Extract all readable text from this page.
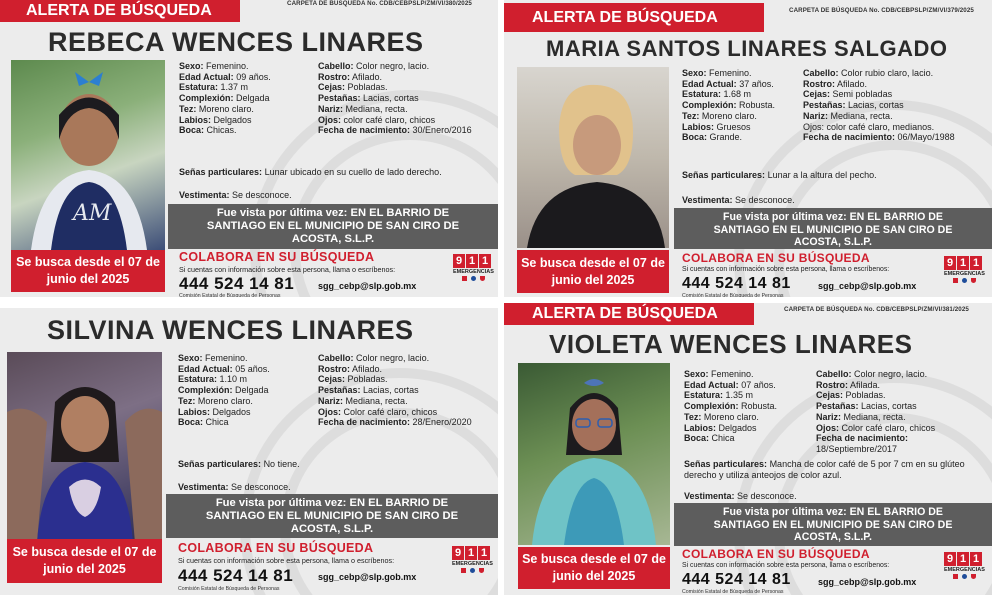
ALERTA DE BÚSQUEDA	CARPETA DE BÚSQUEDA No. CDB/CEBPSLP/ZM/VI/380/2025
REBECA WENCES LINARES
AM
Sexo: Femenino.
Edad Actual: 09 años.
Estatura: 1.37 m
Complexión: Delgada
Tez: Moreno claro.
Labios: Delgados
Boca: Chicas.
Cabello: Color negro, lacio.
Rostro: Afilado.
Cejas: Pobladas.
Pestañas: Lacias, cortas
Nariz: Mediana, recta.
Ojos: color café claro, chicos
Fecha de nacimiento: 30/Enero/2016
Señas particulares: Lunar ubicado en su cuello de lado derecho.
Vestimenta: Se desconoce.
Fue vista por última vez: EN EL BARRIO DE SANTIAGO EN EL MUNICIPIO DE SAN CIRO DE ACOSTA, S.L.P.
Se busca desde el 07 de junio del 2025
COLABORA EN SU BÚSQUEDA
Si cuentas con información sobre esta persona, llama o escríbenos:
444 524 14 81	sgg_cebp@slp.gob.mx
Comisión Estatal de Búsqueda de Personas
9 1 1
EMERGENCIAS
ALERTA DE BÚSQUEDA	CARPETA DE BÚSQUEDA No. CDB/CEBPSLP/ZM/VI/379/2025
MARIA SANTOS LINARES SALGADO
Sexo: Femenino.
Edad Actual: 37 años.
Estatura: 1.68 m
Complexión: Robusta.
Tez: Moreno claro.
Labios: Gruesos
Boca: Grande.
Cabello: Color rubio claro, lacio.
Rostro: Afilado.
Cejas: Semi pobladas
Pestañas: Lacias, cortas
Nariz: Mediana, recta.
Ojos: color café claro, medianos.
Fecha de nacimiento: 06/Mayo/1988
Señas particulares: Lunar a la altura del pecho.
Vestimenta: Se desconoce.
Fue vista por última vez: EN EL BARRIO DE SANTIAGO EN EL MUNICIPIO DE SAN CIRO DE ACOSTA, S.L.P.
Se busca desde el 07 de junio del 2025
COLABORA EN SU BÚSQUEDA
Si cuentas con información sobre esta persona, llama o escríbenos:
444 524 14 81	sgg_cebp@slp.gob.mx
Comisión Estatal de Búsqueda de Personas
9 1 1
EMERGENCIAS
SILVINA WENCES LINARES
Sexo: Femenino.
Edad Actual: 05 años.
Estatura: 1.10 m
Complexión: Delgada
Tez: Moreno claro.
Labios: Delgados
Boca: Chica
Cabello: Color negro, lacio.
Rostro: Afilado.
Cejas: Pobladas.
Pestañas: Lacias, cortas
Nariz: Mediana, recta.
Ojos: Color café claro, chicos
Fecha de nacimiento: 28/Enero/2020
Señas particulares: No tiene.
Vestimenta: Se desconoce.
Fue vista por última vez: EN EL BARRIO DE SANTIAGO EN EL MUNICIPIO DE SAN CIRO DE ACOSTA, S.L.P.
Se busca desde el 07 de junio del 2025
COLABORA EN SU BÚSQUEDA
Si cuentas con información sobre esta persona, llama o escríbenos:
444 524 14 81	sgg_cebp@slp.gob.mx
Comisión Estatal de Búsqueda de Personas
9 1 1
EMERGENCIAS
ALERTA DE BÚSQUEDA	CARPETA DE BÚSQUEDA No. CDB/CEBPSLP/ZM/VI/381/2025
VIOLETA WENCES LINARES
Sexo: Femenino.
Edad Actual: 07 años.
Estatura: 1.35 m
Complexión: Robusta.
Tez: Moreno claro.
Labios: Delgados
Boca: Chica
Cabello: Color negro, lacio.
Rostro: Afilada.
Cejas: Pobladas.
Pestañas: Lacias, cortas
Nariz: Mediana, recta.
Ojos: Color café claro, chicos
Fecha de nacimiento:
18/Septiembre/2017
Señas particulares: Mancha de color café de 5 por 7 cm en su glúteo derecho y utiliza anteojos de color azul.
Vestimenta: Se desconoce.
Fue vista por última vez: EN EL BARRIO DE SANTIAGO EN EL MUNICIPIO DE SAN CIRO DE ACOSTA, S.L.P.
Se busca desde el 07 de junio del 2025
COLABORA EN SU BÚSQUEDA
Si cuentas con información sobre esta persona, llama o escríbenos:
444 524 14 81	sgg_cebp@slp.gob.mx
Comisión Estatal de Búsqueda de Personas
9 1 1
EMERGENCIAS
